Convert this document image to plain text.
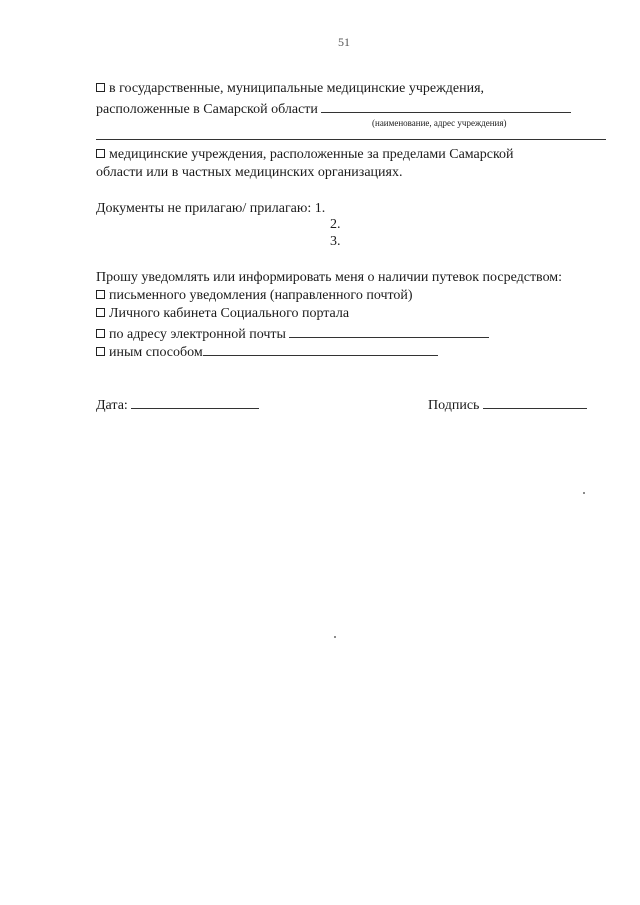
51
в государственные, муниципальные медицинские учреждения,
расположенные в Самарской области
(наименование, адрес учреждения)
медицинские учреждения, расположенные за пределами Самарской
области или в частных медицинских организациях.
Документы не прилагаю/ прилагаю: 1.
2.
3.
Прошу уведомлять или информировать меня о наличии путевок посредством:
письменного уведомления (направленного почтой)
Личного кабинета Социального портала
по адресу электронной почты
иным способом
Дата:	Подпись
